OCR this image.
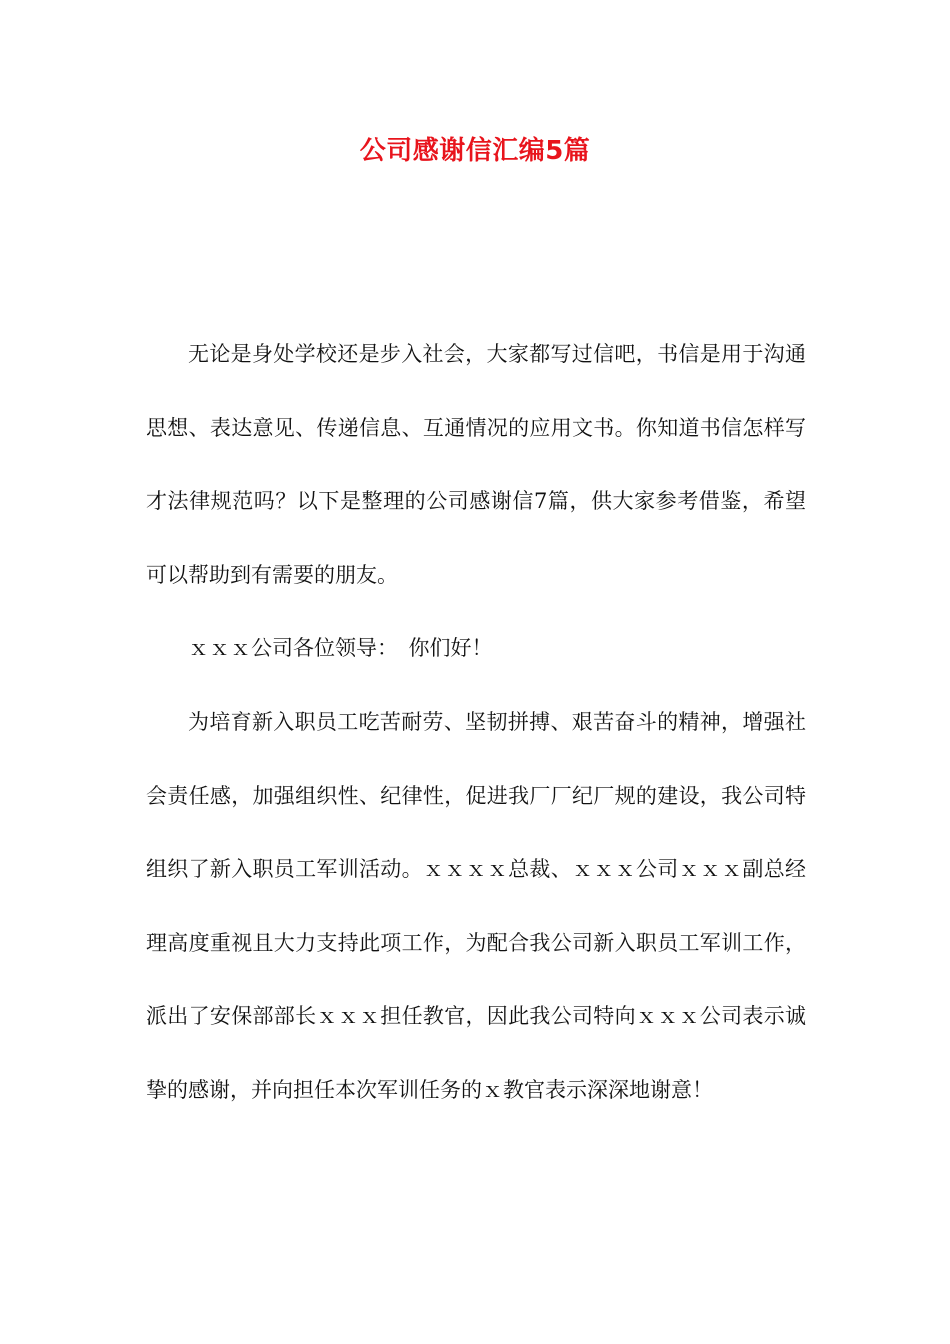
公司感谢信汇编5篇

无论是身处学校还是步入社会，大家都写过信吧，书信是用于沟通思想、表达意见、传递信息、互通情况的应用文书。你知道书信怎样写才法律规范吗？以下是整理的公司感谢信7篇，供大家参考借鉴，希望可以帮助到有需要的朋友。

ｘｘｘ公司各位领导：　你们好！

为培育新入职员工吃苦耐劳、坚韧拼搏、艰苦奋斗的精神，增强社会责任感，加强组织性、纪律性，促进我厂厂纪厂规的建设，我公司特组织了新入职员工军训活动。ｘｘｘｘ总裁、ｘｘｘ公司ｘｘｘ副总经理高度重视且大力支持此项工作，为配合我公司新入职员工军训工作，派出了安保部部长ｘｘｘ担任教官，因此我公司特向ｘｘｘ公司表示诚挚的感谢，并向担任本次军训任务的ｘ教官表示深深地谢意！
